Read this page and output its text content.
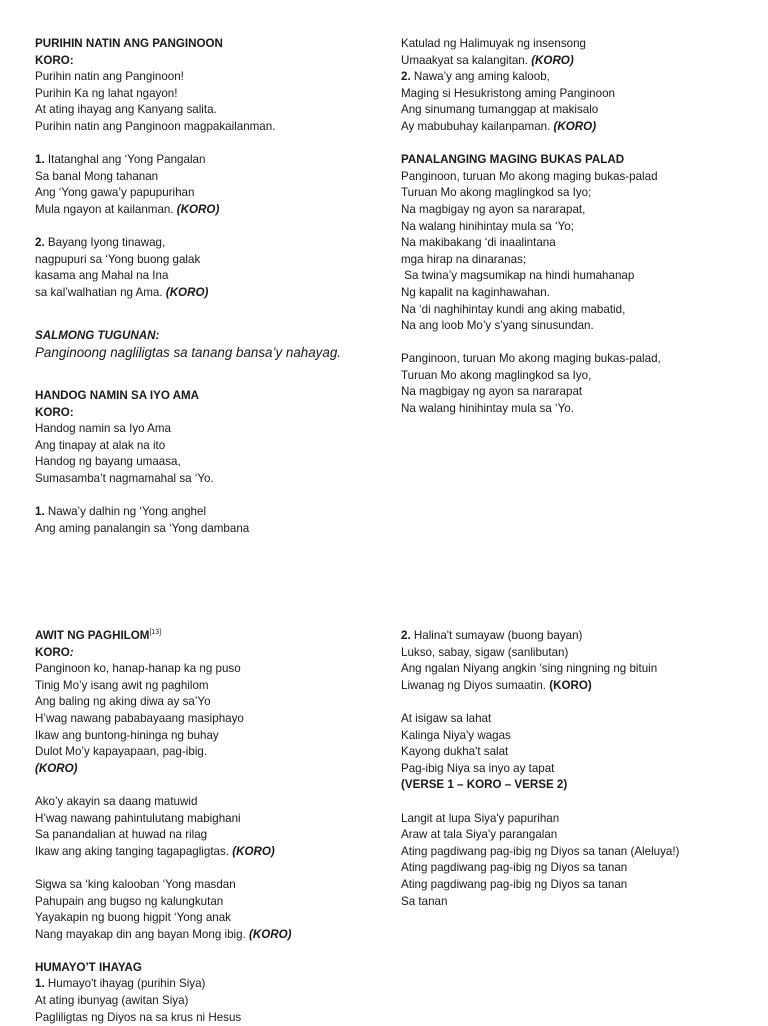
PURIHIN NATIN ANG PANGINOON
KORO:
Purihin natin ang Panginoon!
Purihin Ka ng lahat ngayon!
At ating ihayag ang Kanyang salita.
Purihin natin ang Panginoon magpakailanman.
1. Itatanghal ang ‘Yong Pangalan
Sa banal Mong tahanan
Ang ‘Yong gawa’y papupurihan
Mula ngayon at kailanman. (KORO)
2. Bayang Iyong tinawag,
nagpupuri sa ‘Yong buong galak
kasama ang Mahal na Ina
sa kal’walhatian ng Ama. (KORO)
SALMONG TUGUNAN:
Panginoong nagliligtas sa tanang bansa’y nahayag.
HANDOG NAMIN SA IYO AMA
KORO:
Handog namin sa Iyo Ama
Ang tinapay at alak na ito
Handog ng bayang umaasa,
Sumasamba’t nagmamahal sa ‘Yo.
1. Nawa’y dalhin ng ‘Yong anghel
Ang aming panalangin sa ‘Yong dambana
Katulad ng Halimuyak ng insensong
Umaakyat sa kalangitan. (KORO)
2. Nawa’y ang aming kaloob,
Maging si Hesukristong aming Panginoon
Ang sinumang tumanggap at makisalo
Ay mabubuhay kailanpaman. (KORO)
PANALANGING MAGING BUKAS PALAD
Panginoon, turuan Mo akong maging bukas-palad
Turuan Mo akong maglingkod sa Iyo;
Na magbigay ng ayon sa nararapat,
Na walang hinihintay mula sa ‘Yo;
Na makibakang ‘di inaalintana
mga hirap na dinaranas;
Sa twina’y magsumikap na hindi humahanap
Ng kapalit na kaginhawahan.
Na ‘di naghihintay kundi ang aking mabatid,
Na ang loob Mo’y s’yang sinusundan.
Panginoon, turuan Mo akong maging bukas-palad,
Turuan Mo akong maglingkod sa Iyo,
Na magbigay ng ayon sa nararapat
Na walang hinihintay mula sa ‘Yo.
AWIT NG PAGHILOM[13]
KORO:
Panginoon ko, hanap-hanap ka ng puso
Tinig Mo’y isang awit ng paghilom
Ang baling ng aking diwa ay sa’Yo
H’wag nawang pababayaang masiphayo
Ikaw ang buntong-hininga ng buhay
Dulot Mo’y kapayapaan, pag-ibig.
(KORO)
Ako’y akayin sa daang matuwid
H’wag nawang pahintulutang mabighani
Sa panandalian at huwad na rilag
Ikaw ang aking tanging tagapagligtas. (KORO)
Sigwa sa ‘king kalooban ‘Yong masdan
Pahupain ang bugso ng kalungkutan
Yayakapin ng buong higpit ‘Yong anak
Nang mayakap din ang bayan Mong ibig. (KORO)
HUMAYO’T IHAYAG
1. Humayo't ihayag (purihin Siya)
At ating ibunyag (awitan Siya)
Pagliligtas ng Diyos na sa krus ni Hesus
2. Halina't sumayaw (buong bayan)
Lukso, sabay, sigaw (sanlibutan)
Ang ngalan Niyang angkin 'sing ningning ng bituin
Liwanag ng Diyos sumaatin. (KORO)
At isigaw sa lahat
Kalinga Niya'y wagas
Kayong dukha't salat
Pag-ibig Niya sa inyo ay tapat
(VERSE 1 – KORO – VERSE 2)
Langit at lupa Siya'y papurihan
Araw at tala Siya'y parangalan
Ating pagdiwang pag-ibig ng Diyos sa tanan (Aleluya!)
Ating pagdiwang pag-ibig ng Diyos sa tanan
Ating pagdiwang pag-ibig ng Diyos sa tanan
Sa tanan
